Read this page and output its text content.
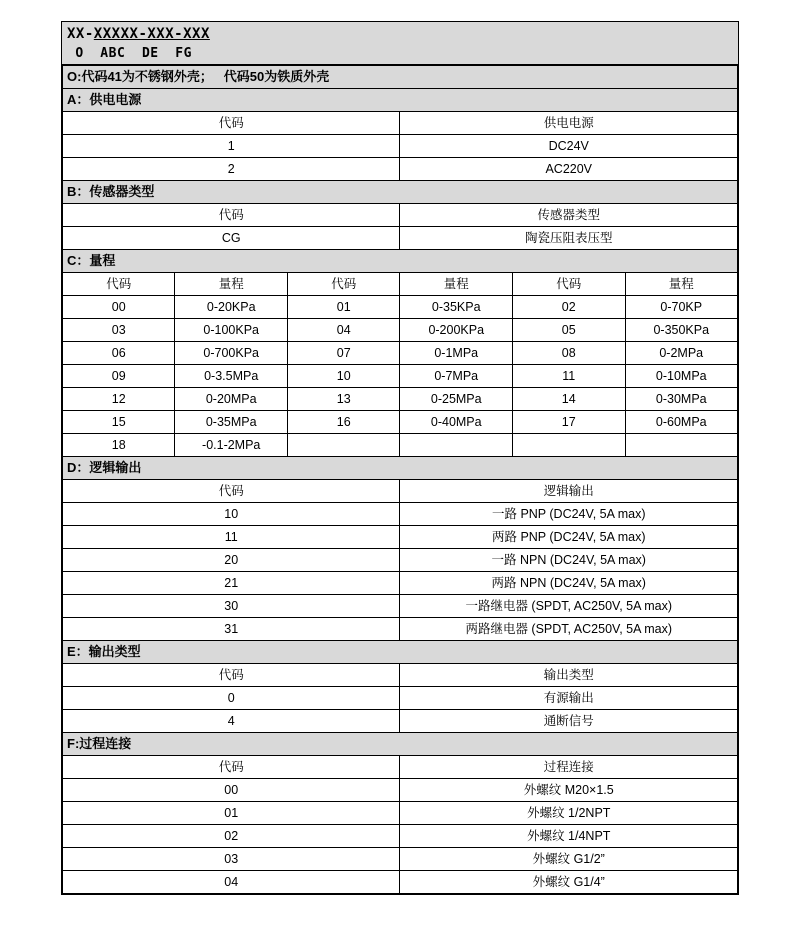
XX-XXXXX-XXX-XXX
O  ABC  DE  FG
O:代码41为不锈钢外壳；   代码50为铁质外壳					
A：供电电源					
代码			供电电源		
1			DC24V		
2			AC220V		
B：传感器类型					
代码			传感器类型		
CG			陶瓷压阻表压型		
C：量程					
代码	量程	代码	量程	代码	量程
00	0-20KPa	01	0-35KPa	02	0-70KP
03	0-100KPa	04	0-200KPa	05	0-350KPa
06	0-700KPa	07	0-1MPa	08	0-2MPa
09	0-3.5MPa	10	0-7MPa	11	0-10MPa
12	0-20MPa	13	0-25MPa	14	0-30MPa
15	0-35MPa	16	0-40MPa	17	0-60MPa
18	-0.1-2MPa				
D：逻辑输出					
代码			逻辑输出		
10			一路 PNP (DC24V, 5A max)		
11			两路 PNP (DC24V, 5A max)		
20			一路 NPN (DC24V, 5A max)		
21			两路 NPN (DC24V, 5A max)		
30			一路继电器 (SPDT, AC250V, 5A max)		
31			两路继电器 (SPDT, AC250V, 5A max)		
E：输出类型					
代码			输出类型		
0			有源输出		
4			通断信号		
F:过程连接					
代码			过程连接		
00			外螺纹 M20×1.5		
01			外螺纹 1/2NPT		
02			外螺纹 1/4NPT		
03			外螺纹 G1/2”		
04			外螺纹 G1/4”		
